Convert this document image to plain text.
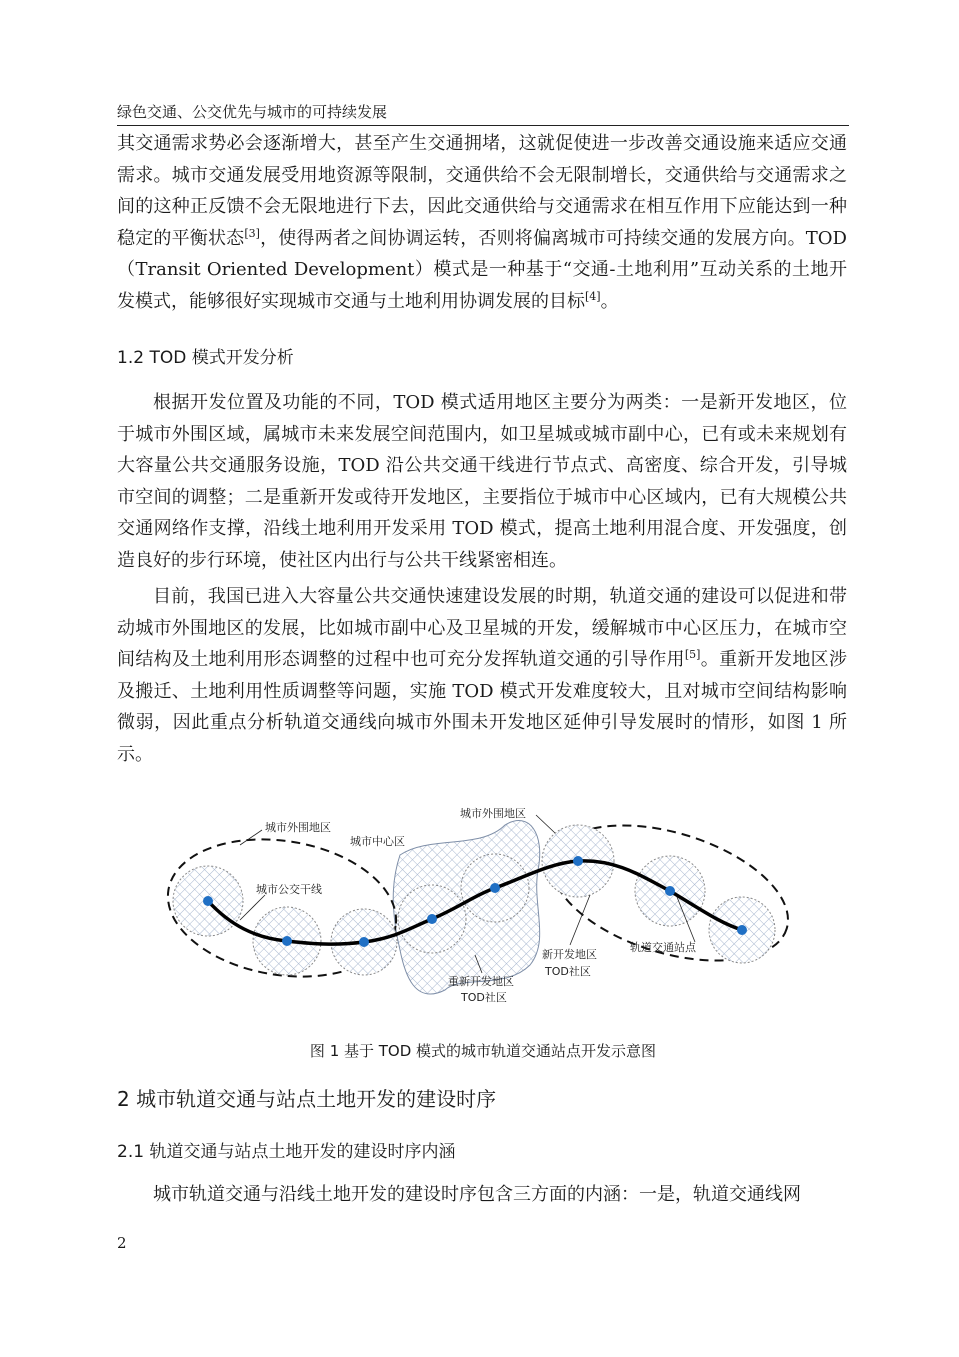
绿色交通、公交优先与城市的可持续发展

其交通需求势必会逐渐增大，甚至产生交通拥堵，这就促使进一步改善交通设施来适应交通需求。城市交通发展受用地资源等限制，交通供给不会无限制增长，交通供给与交通需求之间的这种正反馈不会无限地进行下去，因此交通供给与交通需求在相互作用下应能达到一种稳定的平衡状态[3]，使得两者之间协调运转，否则将偏离城市可持续交通的发展方向。TOD（Transit Oriented Development）模式是一种基于“交通-土地利用”互动关系的土地开发模式，能够很好实现城市交通与土地利用协调发展的目标[4]。

1.2 TOD 模式开发分析

根据开发位置及功能的不同，TOD 模式适用地区主要分为两类：一是新开发地区，位于城市外围区域，属城市未来发展空间范围内，如卫星城或城市副中心，已有或未来规划有大容量公共交通服务设施，TOD 沿公共交通干线进行节点式、高密度、综合开发，引导城市空间的调整；二是重新开发或待开发地区，主要指位于城市中心区域内，已有大规模公共交通网络作支撑，沿线土地利用开发采用 TOD 模式，提高土地利用混合度、开发强度，创造良好的步行环境，使社区内出行与公共干线紧密相连。

目前，我国已进入大容量公共交通快速建设发展的时期，轨道交通的建设可以促进和带动城市外围地区的发展，比如城市副中心及卫星城的开发，缓解城市中心区压力，在城市空间结构及土地利用形态调整的过程中也可充分发挥轨道交通的引导作用[5]。重新开发地区涉及搬迁、土地利用性质调整等问题，实施 TOD 模式开发难度较大，且对城市空间结构影响微弱，因此重点分析轨道交通线向城市外围未开发地区延伸引导发展时的情形，如图 1 所示。

城市外围地区
城市中心区
城市外围地区
城市公交干线
轨道交通站点
新开发地区
TOD社区
重新开发地区
TOD社区
图 1 基于 TOD 模式的城市轨道交通站点开发示意图
2 城市轨道交通与站点土地开发的建设时序
2.1 轨道交通与站点土地开发的建设时序内涵

城市轨道交通与沿线土地开发的建设时序包含三方面的内涵：一是，轨道交通线网

2
